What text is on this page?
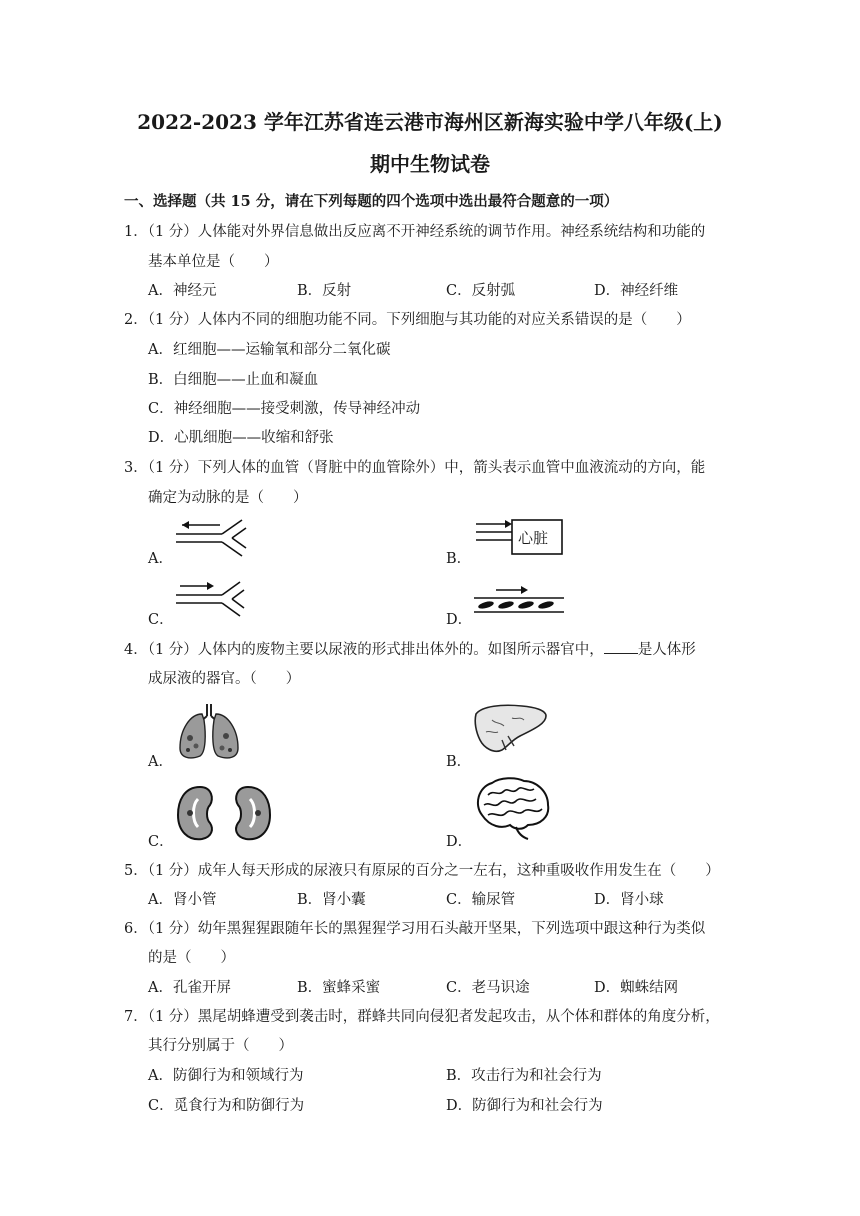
2022-2023 学年江苏省连云港市海州区新海实验中学八年级(上)
期中生物试卷
一、选择题（共 15 分，请在下列每题的四个选项中选出最符合题意的一项）
1．（1 分）人体能对外界信息做出反应离不开神经系统的调节作用。神经系统结构和功能的
基本单位是（　　）
A．神经元	B．反射	C．反射弧	D．神经纤维
2．（1 分）人体内不同的细胞功能不同。下列细胞与其功能的对应关系错误的是（　　）
A．红细胞——运输氧和部分二氧化碳
B．白细胞——止血和凝血
C．神经细胞——接受刺激，传导神经冲动
D．心肌细胞——收缩和舒张
3．（1 分）下列人体的血管（肾脏中的血管除外）中，箭头表示血管中血液流动的方向，能
确定为动脉的是（　　）
A．	B．
心脏
C．	D．
4．（1 分）人体内的废物主要以尿液的形式排出体外的。如图所示器官中， 是人体形
成尿液的器官。（　　）
A．	B．
C．	D．
5．（1 分）成年人每天形成的尿液只有原尿的百分之一左右，这种重吸收作用发生在（　　）
A．肾小管	B．肾小囊	C．输尿管	D．肾小球
6．（1 分）幼年黑猩猩跟随年长的黑猩猩学习用石头敲开坚果，下列选项中跟这种行为类似
的是（　　）
A．孔雀开屏	B．蜜蜂采蜜	C．老马识途	D．蜘蛛结网
7．（1 分）黑尾胡蜂遭受到袭击时，群蜂共同向侵犯者发起攻击，从个体和群体的角度分析，
其行分别属于（　　）
A．防御行为和领域行为	B．攻击行为和社会行为
C．觅食行为和防御行为	D．防御行为和社会行为
